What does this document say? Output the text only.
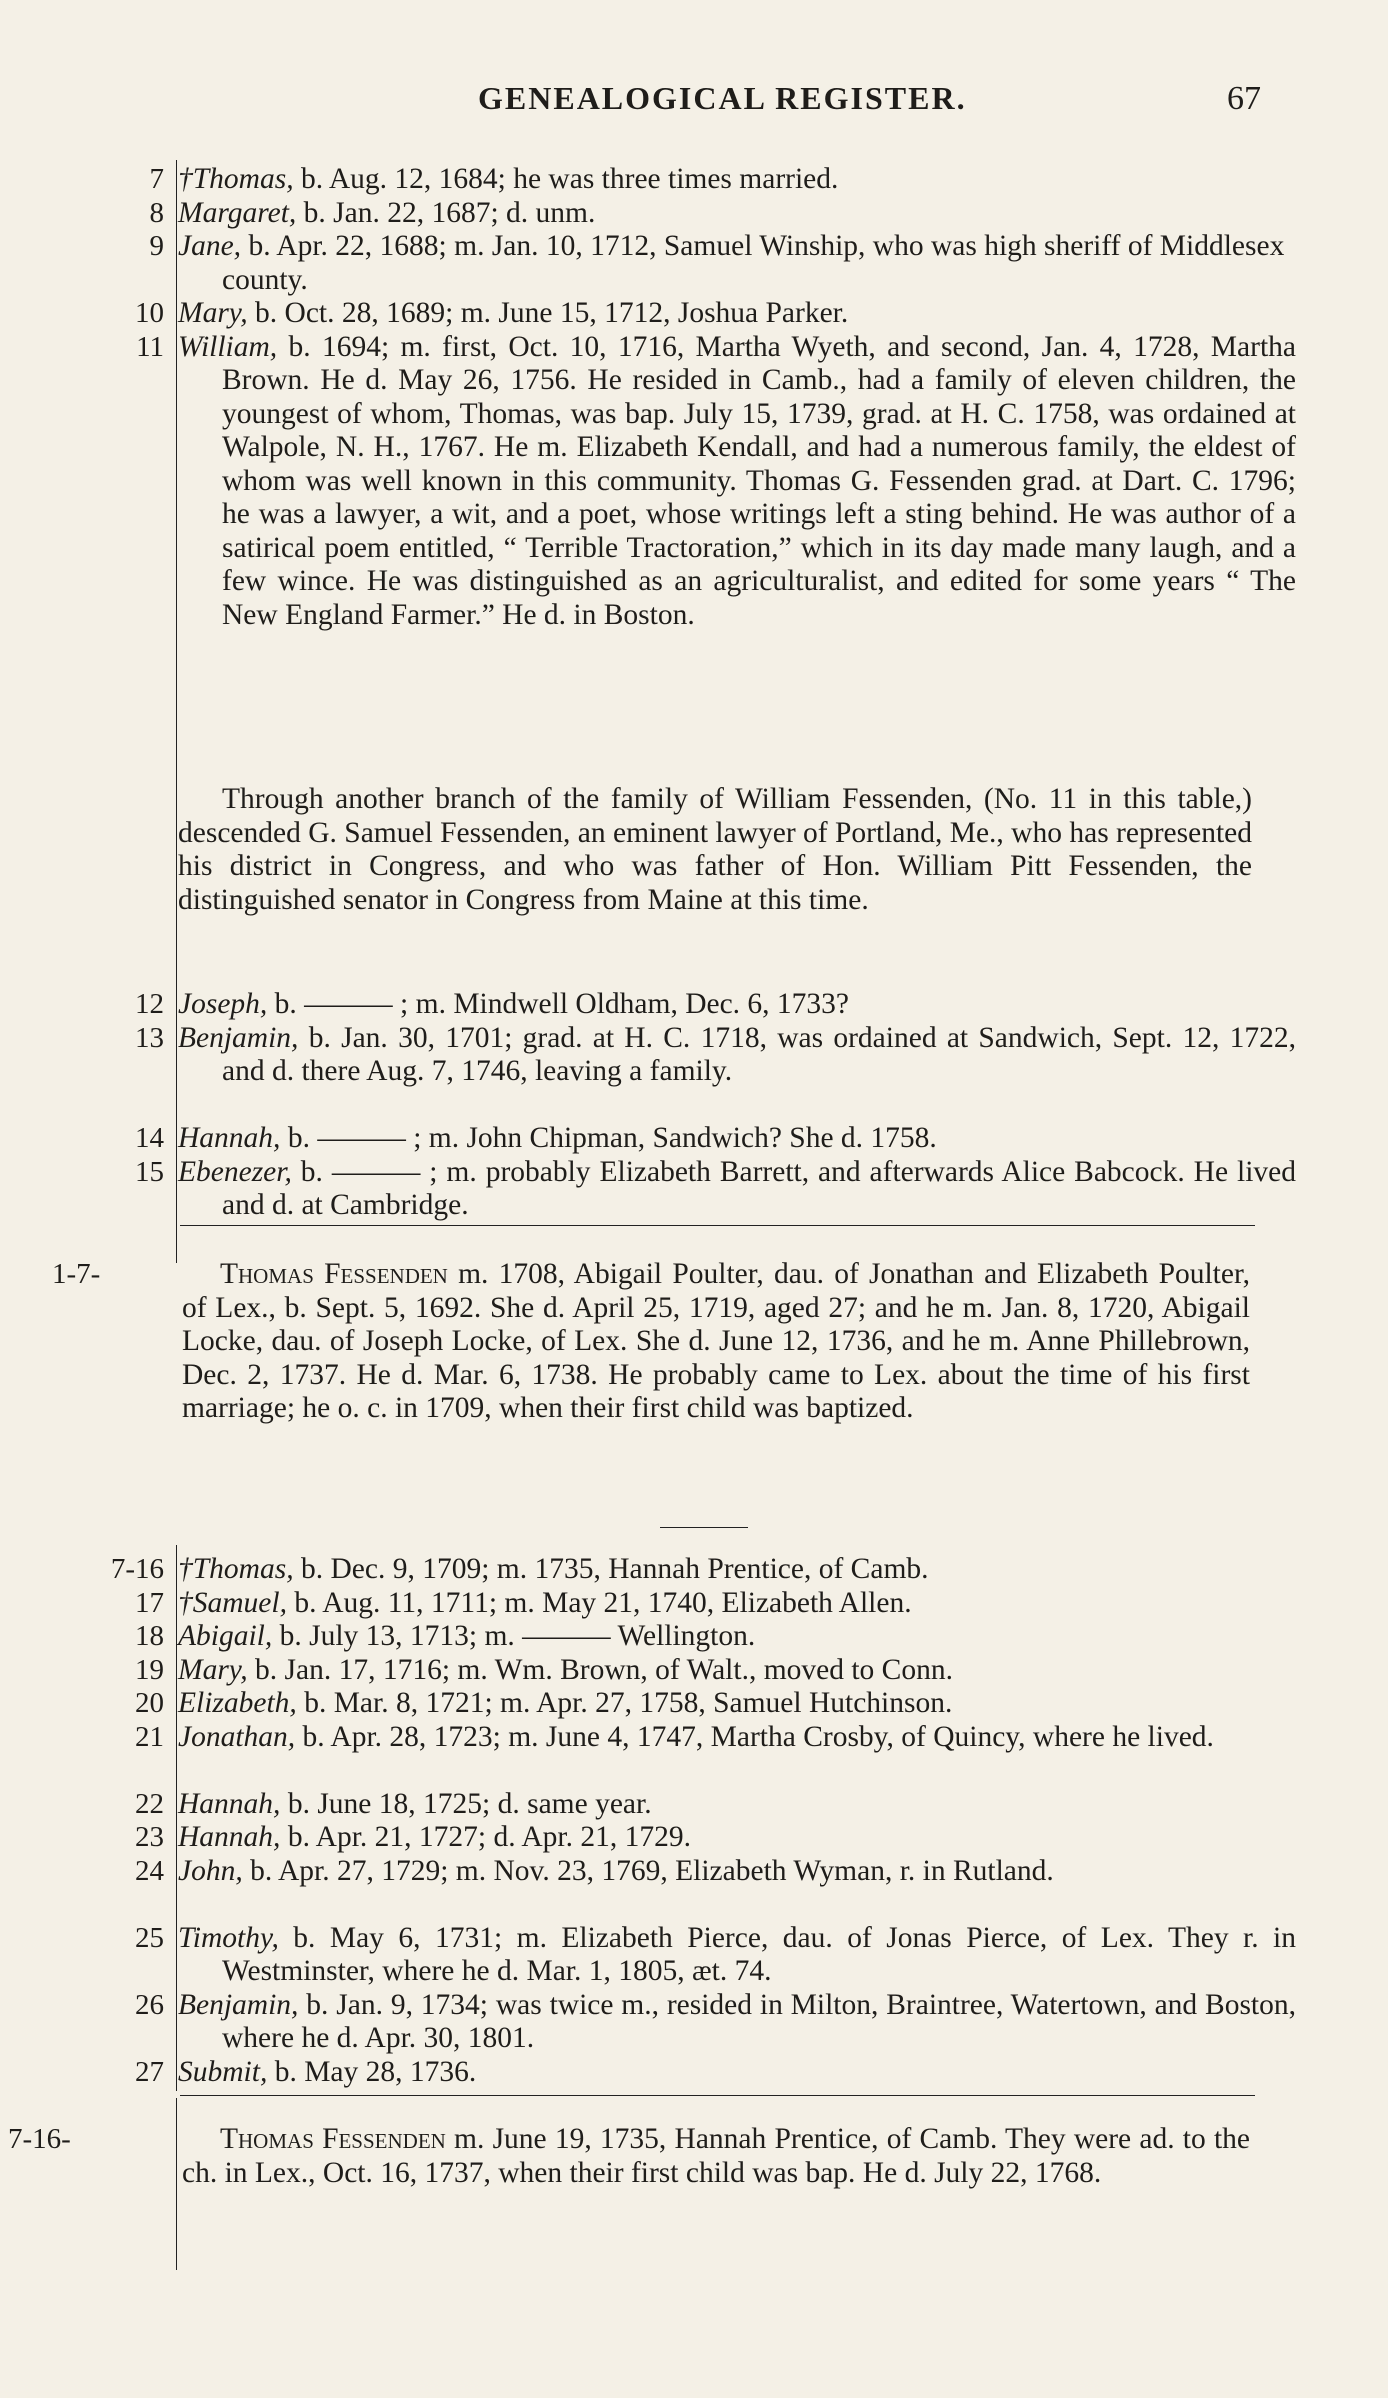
GENEALOGICAL REGISTER.	67
7 †Thomas, b. Aug. 12, 1684; he was three times married.
8 Margaret, b. Jan. 22, 1687; d. unm.
9 Jane, b. Apr. 22, 1688; m. Jan. 10, 1712, Samuel Winship, who was high sheriff of Middlesex county.
10 Mary, b. Oct. 28, 1689; m. June 15, 1712, Joshua Parker.
11 William, b. 1694; m. first, Oct. 10, 1716, Martha Wyeth, and second, Jan. 4, 1728, Martha Brown. He d. May 26, 1756. He resided in Camb., had a family of eleven children, the youngest of whom, Thomas, was bap. July 15, 1739, grad. at H. C. 1758, was ordained at Walpole, N. H., 1767. He m. Elizabeth Kendall, and had a numerous family, the eldest of whom was well known in this community. Thomas G. Fessenden grad. at Dart. C. 1796; he was a lawyer, a wit, and a poet, whose writings left a sting behind. He was author of a satirical poem entitled, “ Terrible Tractoration,” which in its day made many laugh, and a few wince. He was distinguished as an agriculturalist, and edited for some years “ The New England Farmer.” He d. in Boston.

Through another branch of the family of William Fessenden, (No. 11 in this table,) descended G. Samuel Fessenden, an eminent lawyer of Portland, Me., who has represented his district in Congress, and who was father of Hon. William Pitt Fessenden, the distinguished senator in Congress from Maine at this time.

12 Joseph, b. ——— ; m. Mindwell Oldham, Dec. 6, 1733?
13 Benjamin, b. Jan. 30, 1701; grad. at H. C. 1718, was ordained at Sandwich, Sept. 12, 1722, and d. there Aug. 7, 1746, leaving a family.
14 Hannah, b. ——— ; m. John Chipman, Sandwich? She d. 1758.
15 Ebenezer, b. ——— ; m. probably Elizabeth Barrett, and afterwards Alice Babcock. He lived and d. at Cambridge.
1-7-	Thomas Fessenden m. 1708, Abigail Poulter, dau. of Jonathan and Elizabeth Poulter, of Lex., b. Sept. 5, 1692. She d. April 25, 1719, aged 27; and he m. Jan. 8, 1720, Abigail Locke, dau. of Joseph Locke, of Lex. She d. June 12, 1736, and he m. Anne Phillebrown, Dec. 2, 1737. He d. Mar. 6, 1738. He probably came to Lex. about the time of his first marriage; he o. c. in 1709, when their first child was baptized.
7-16 †Thomas, b. Dec. 9, 1709; m. 1735, Hannah Prentice, of Camb.
17 †Samuel, b. Aug. 11, 1711; m. May 21, 1740, Elizabeth Allen.
18 Abigail, b. July 13, 1713; m. ——— Wellington.
19 Mary, b. Jan. 17, 1716; m. Wm. Brown, of Walt., moved to Conn.
20 Elizabeth, b. Mar. 8, 1721; m. Apr. 27, 1758, Samuel Hutchinson.
21 Jonathan, b. Apr. 28, 1723; m. June 4, 1747, Martha Crosby, of Quincy, where he lived.
22 Hannah, b. June 18, 1725; d. same year.
23 Hannah, b. Apr. 21, 1727; d. Apr. 21, 1729.
24 John, b. Apr. 27, 1729; m. Nov. 23, 1769, Elizabeth Wyman, r. in Rutland.
25 Timothy, b. May 6, 1731; m. Elizabeth Pierce, dau. of Jonas Pierce, of Lex. They r. in Westminster, where he d. Mar. 1, 1805, æt. 74.
26 Benjamin, b. Jan. 9, 1734; was twice m., resided in Milton, Braintree, Watertown, and Boston, where he d. Apr. 30, 1801.
27 Submit, b. May 28, 1736.
7-16-	Thomas Fessenden m. June 19, 1735, Hannah Prentice, of Camb. They were ad. to the ch. in Lex., Oct. 16, 1737, when their first child was bap. He d. July 22, 1768.
